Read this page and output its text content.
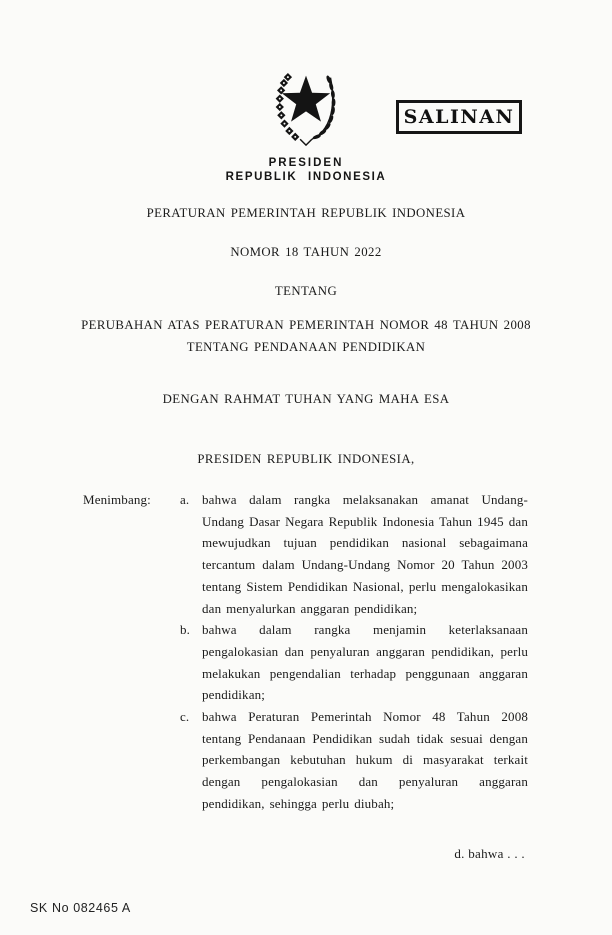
SALINAN
PRESIDEN
REPUBLIK INDONESIA
PERATURAN PEMERINTAH REPUBLIK INDONESIA
NOMOR 18 TAHUN 2022
TENTANG
PERUBAHAN ATAS PERATURAN PEMERINTAH NOMOR 48 TAHUN 2008
TENTANG PENDANAAN PENDIDIKAN
DENGAN RAHMAT TUHAN YANG MAHA ESA
PRESIDEN REPUBLIK INDONESIA,
Menimbang:	a. bahwa dalam rangka melaksanakan amanat Undang-Undang Dasar Negara Republik Indonesia Tahun 1945 dan mewujudkan tujuan pendidikan nasional sebagaimana tercantum dalam Undang-Undang Nomor 20 Tahun 2003 tentang Sistem Pendidikan Nasional, perlu mengalokasikan dan menyalurkan anggaran pendidikan;
b. bahwa dalam rangka menjamin keterlaksanaan pengalokasian dan penyaluran anggaran pendidikan, perlu melakukan pengendalian terhadap penggunaan anggaran pendidikan;
c. bahwa Peraturan Pemerintah Nomor 48 Tahun 2008 tentang Pendanaan Pendidikan sudah tidak sesuai dengan perkembangan kebutuhan hukum di masyarakat terkait dengan pengalokasian dan penyaluran anggaran pendidikan, sehingga perlu diubah;
d. bahwa . . .
SK No 082465 A
